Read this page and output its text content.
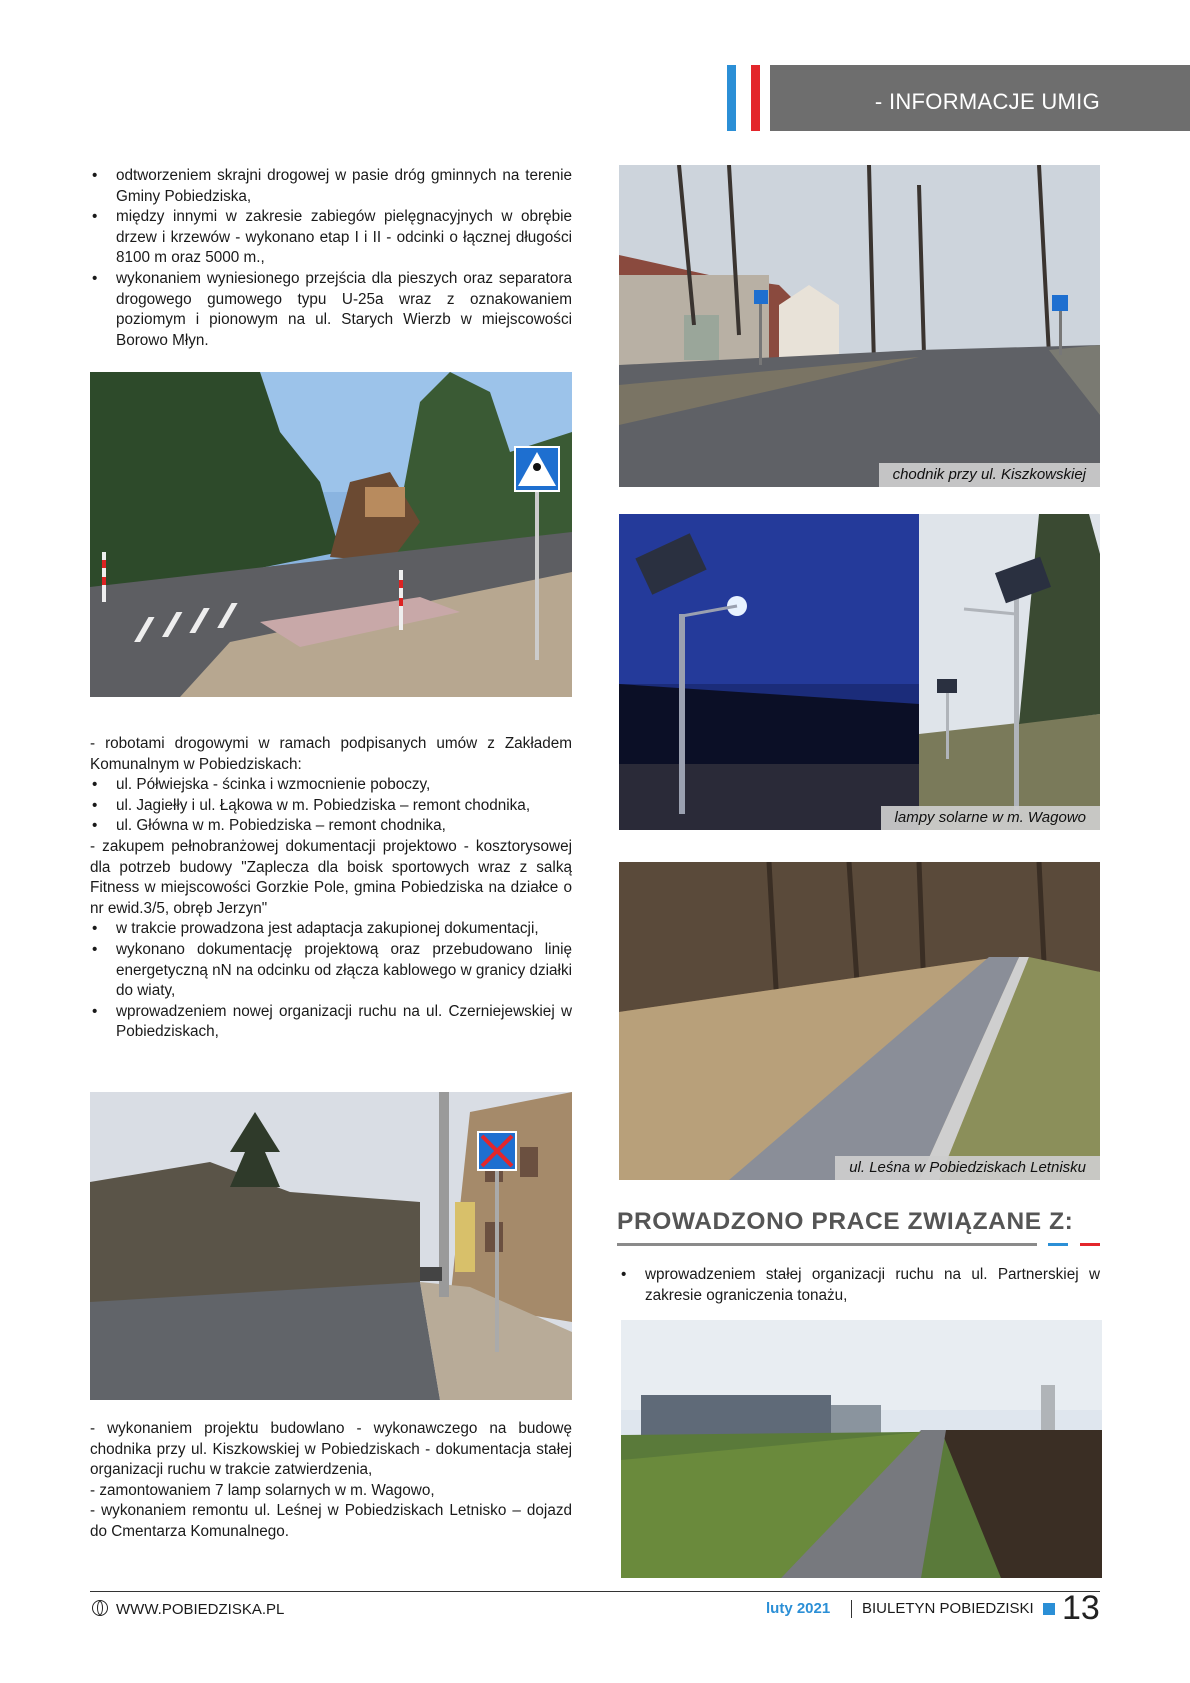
- INFORMACJE UMIG
• odtworzeniem skrajni drogowej w pasie dróg gminnych na terenie Gminy Pobiedziska,
• między innymi w zakresie zabiegów pielęgnacyjnych w obrębie drzew i krzewów - wykonano etap I i II - odcinki o łącznej długości 8100 m oraz 5000 m.,
• wykonaniem wyniesionego przejścia dla pieszych oraz separatora drogowego gumowego typu U-25a wraz z oznakowaniem poziomym i pionowym na ul. Starych Wierzb w miejscowości Borowo Młyn.

- robotami drogowymi w ramach podpisanych umów z Zakładem Komunalnym w Pobiedziskach:

• ul. Półwiejska - ścinka i wzmocnienie poboczy,
• ul. Jagiełły i ul. Łąkowa w m. Pobiedziska – remont chodnika,
• ul. Główna w m. Pobiedziska – remont chodnika,

- zakupem pełnobranżowej dokumentacji projektowo - kosztorysowej dla potrzeb budowy "Zaplecza dla boisk sportowych wraz z salką Fitness w miejscowości Gorzkie Pole, gmina Pobiedziska na działce o nr ewid.3/5, obręb Jerzyn"

• w trakcie prowadzona jest adaptacja zakupionej dokumentacji,
• wykonano dokumentację projektową oraz przebudowano linię energetyczną nN na odcinku od złącza kablowego w granicy działki do wiaty,
• wprowadzeniem nowej organizacji ruchu na ul. Czerniejewskiej w Pobiedziskach,

- wykonaniem projektu budowlano - wykonawczego na budowę chodnika przy ul. Kiszkowskiej w Pobiedziskach - dokumentacja stałej organizacji ruchu w trakcie zatwierdzenia,

- zamontowaniem 7 lamp solarnych w m. Wagowo,

- wykonaniem remontu ul. Leśnej w Pobiedziskach Letnisko – dojazd do Cmentarza Komunalnego.

chodnik przy ul. Kiszkowskiej
lampy solarne w m. Wagowo
ul. Leśna w Pobiedziskach Letnisku
PROWADZONO PRACE ZWIĄZANE Z:
• wprowadzeniem stałej organizacji ruchu na ul. Partnerskiej w zakresie ograniczenia tonażu,
WWW.POBIEDZISKA.PL	luty 2021 BIULETYN POBIEDZISKI 13
